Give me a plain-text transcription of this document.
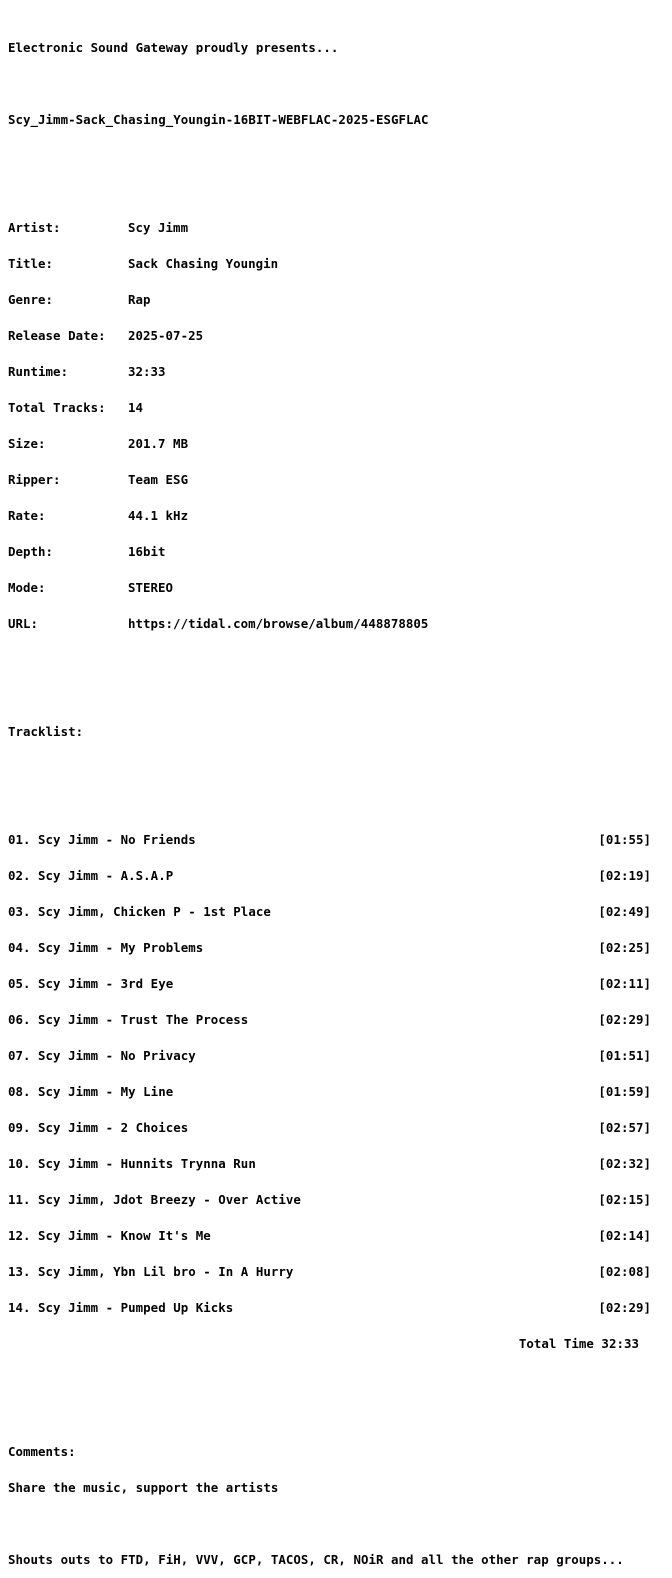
Electronic Sound Gateway proudly presents...

Scy_Jimm-Sack_Chasing_Youngin-16BIT-WEBFLAC-2025-ESGFLAC

Artist:	Scy Jimm

Title:	Sack Chasing Youngin

Genre:	Rap

Release Date:	2025-07-25

Runtime:	32:33

Total Tracks:	14

Size:	201.7 MB

Ripper:	Team ESG

Rate:	44.1 kHz

Depth:	16bit

Mode:	STEREO

URL:	https://tidal.com/browse/album/448878805

Tracklist:

01. Scy Jimm - No Friends	[01:55]

02. Scy Jimm - A.S.A.P	[02:19]

03. Scy Jimm, Chicken P - 1st Place	[02:49]

04. Scy Jimm - My Problems	[02:25]

05. Scy Jimm - 3rd Eye	[02:11]

06. Scy Jimm - Trust The Process	[02:29]

07. Scy Jimm - No Privacy	[01:51]

08. Scy Jimm - My Line	[01:59]

09. Scy Jimm - 2 Choices	[02:57]

10. Scy Jimm - Hunnits Trynna Run	[02:32]

11. Scy Jimm, Jdot Breezy - Over Active	[02:15]

12. Scy Jimm - Know It's Me	[02:14]

13. Scy Jimm, Ybn Lil bro - In A Hurry	[02:08]

14. Scy Jimm - Pumped Up Kicks	[02:29]

Total Time 32:33

Comments:

Share the music, support the artists

Shouts outs to FTD, FiH, VVV, GCP, TACOS, CR, NOiR and all the other rap groups...
